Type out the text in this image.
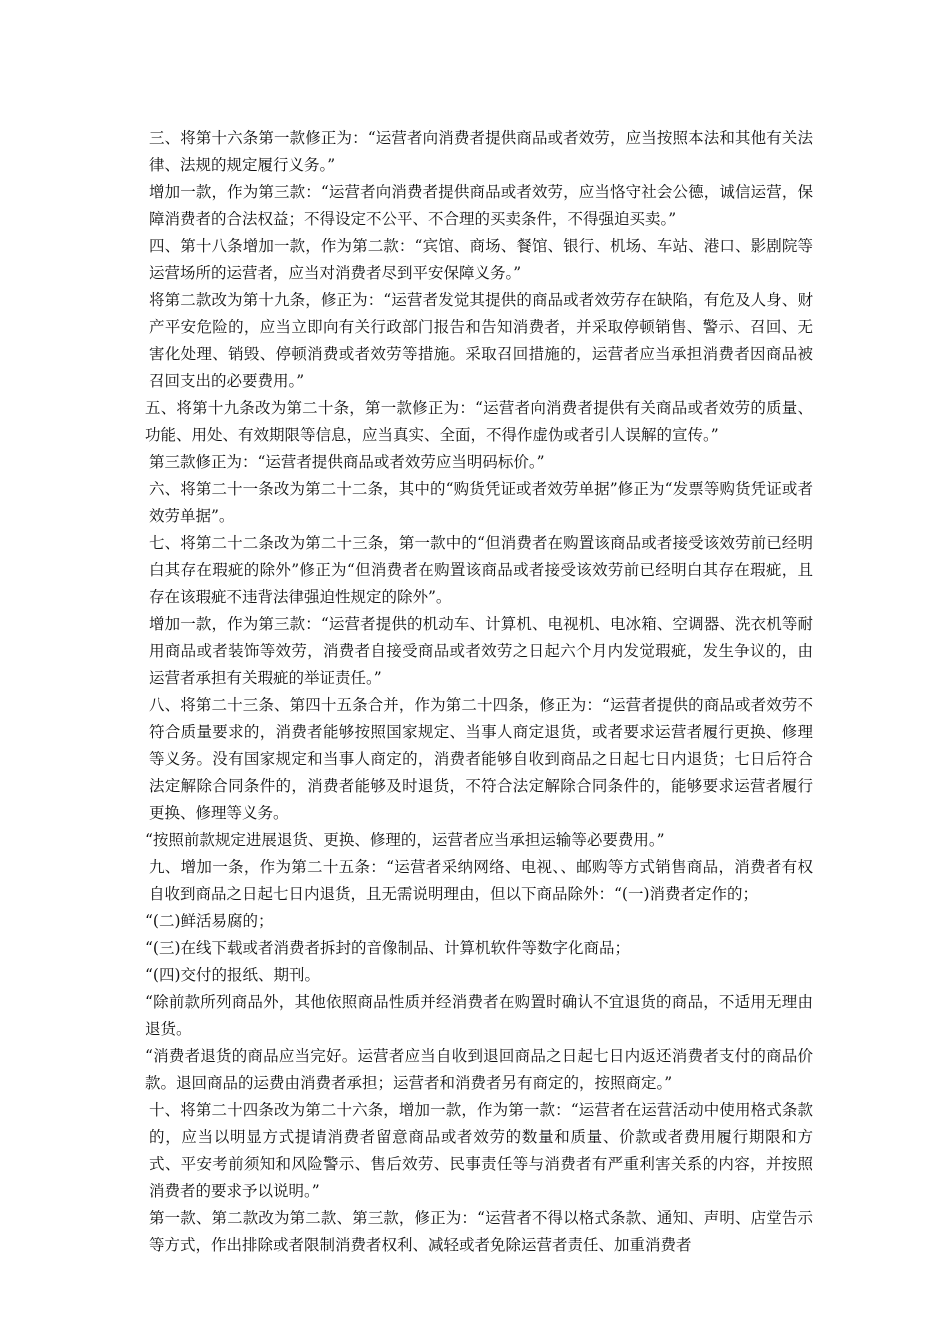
三、将第十六条第一款修正为：“运营者向消费者提供商品或者效劳，应当按照本法和其他有关法律、法规的规定履行义务。”

增加一款，作为第三款：“运营者向消费者提供商品或者效劳，应当恪守社会公德，诚信运营，保障消费者的合法权益；不得设定不公平、不合理的买卖条件，不得强迫买卖。”

四、第十八条增加一款，作为第二款：“宾馆、商场、餐馆、银行、机场、车站、港口、影剧院等运营场所的运营者，应当对消费者尽到平安保障义务。”

将第二款改为第十九条，修正为：“运营者发觉其提供的商品或者效劳存在缺陷，有危及人身、财产平安危险的，应当立即向有关行政部门报告和告知消费者，并采取停顿销售、警示、召回、无害化处理、销毁、停顿消费或者效劳等措施。采取召回措施的，运营者应当承担消费者因商品被召回支出的必要费用。”

五、将第十九条改为第二十条，第一款修正为：“运营者向消费者提供有关商品或者效劳的质量、功能、用处、有效期限等信息，应当真实、全面，不得作虚伪或者引人误解的宣传。”

第三款修正为：“运营者提供商品或者效劳应当明码标价。”

六、将第二十一条改为第二十二条，其中的“购货凭证或者效劳单据”修正为“发票等购货凭证或者效劳单据”。

七、将第二十二条改为第二十三条，第一款中的“但消费者在购置该商品或者接受该效劳前已经明白其存在瑕疵的除外”修正为“但消费者在购置该商品或者接受该效劳前已经明白其存在瑕疵，且存在该瑕疵不违背法律强迫性规定的除外”。

增加一款，作为第三款：“运营者提供的机动车、计算机、电视机、电冰箱、空调器、洗衣机等耐用商品或者装饰等效劳，消费者自接受商品或者效劳之日起六个月内发觉瑕疵，发生争议的，由运营者承担有关瑕疵的举证责任。”

八、将第二十三条、第四十五条合并，作为第二十四条，修正为：“运营者提供的商品或者效劳不符合质量要求的，消费者能够按照国家规定、当事人商定退货，或者要求运营者履行更换、修理等义务。没有国家规定和当事人商定的，消费者能够自收到商品之日起七日内退货；七日后符合法定解除合同条件的，消费者能够及时退货，不符合法定解除合同条件的，能够要求运营者履行更换、修理等义务。

“按照前款规定进展退货、更换、修理的，运营者应当承担运输等必要费用。”

九、增加一条，作为第二十五条：“运营者采纳网络、电视、、邮购等方式销售商品，消费者有权自收到商品之日起七日内退货，且无需说明理由，但以下商品除外：“(一)消费者定作的；

“(二)鲜活易腐的；

“(三)在线下载或者消费者拆封的音像制品、计算机软件等数字化商品；

“(四)交付的报纸、期刊。

“除前款所列商品外，其他依照商品性质并经消费者在购置时确认不宜退货的商品，不适用无理由退货。

“消费者退货的商品应当完好。运营者应当自收到退回商品之日起七日内返还消费者支付的商品价款。退回商品的运费由消费者承担；运营者和消费者另有商定的，按照商定。”

十、将第二十四条改为第二十六条，增加一款，作为第一款：“运营者在运营活动中使用格式条款的，应当以明显方式提请消费者留意商品或者效劳的数量和质量、价款或者费用履行期限和方式、平安考前须知和风险警示、售后效劳、民事责任等与消费者有严重利害关系的内容，并按照消费者的要求予以说明。”

第一款、第二款改为第二款、第三款，修正为：“运营者不得以格式条款、通知、声明、店堂告示等方式，作出排除或者限制消费者权利、减轻或者免除运营者责任、加重消费者
